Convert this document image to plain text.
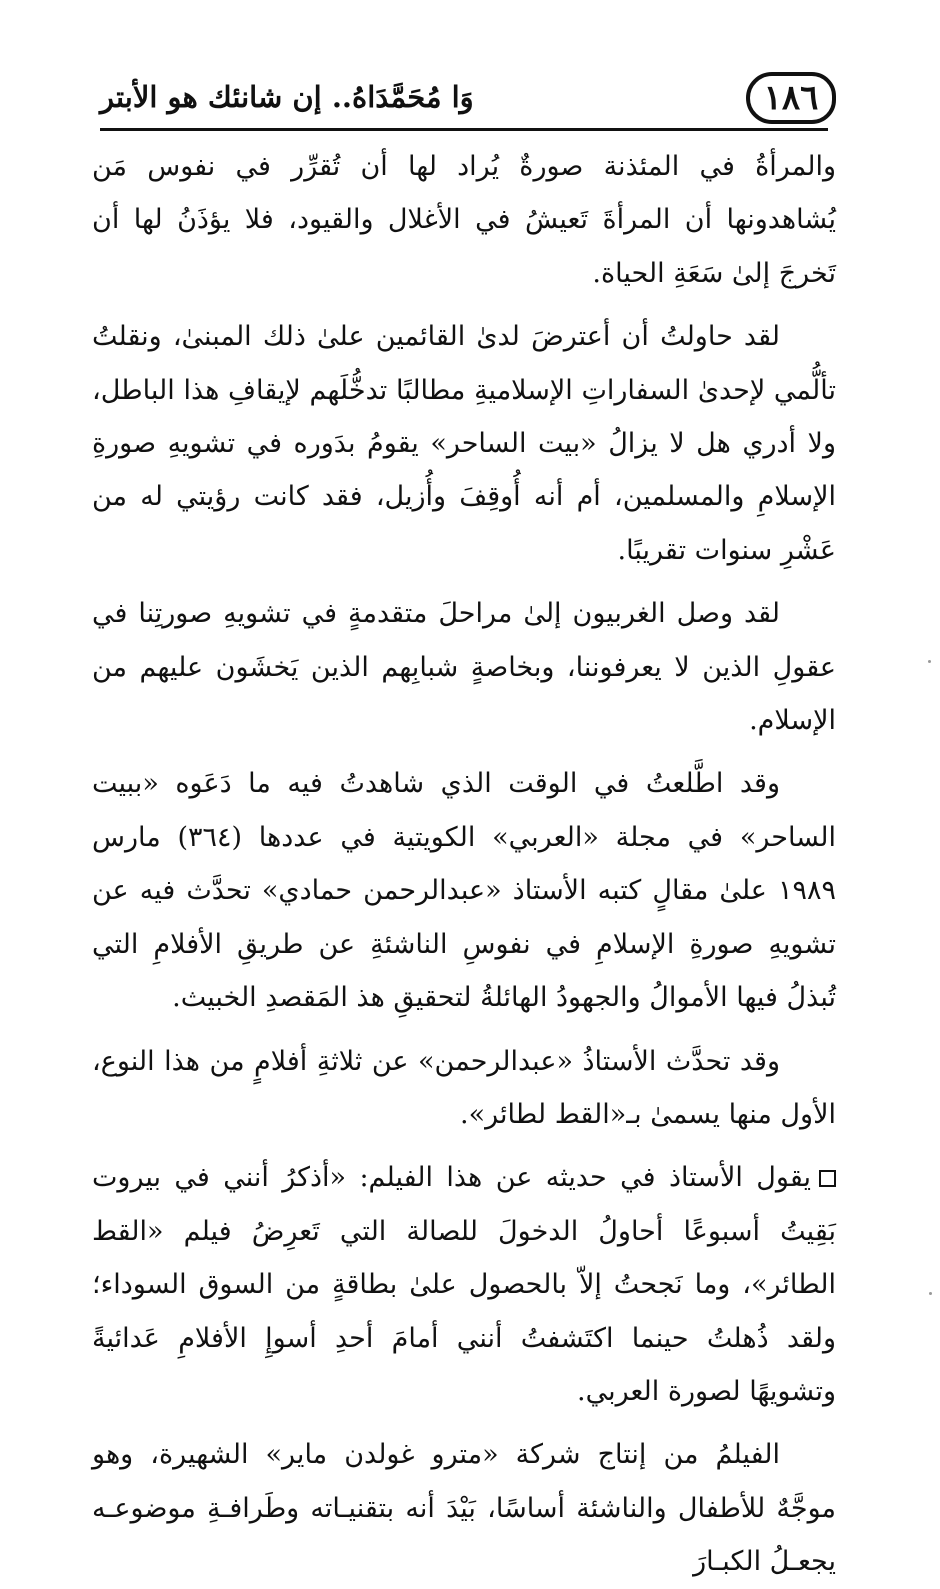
١٨٦
وَا مُحَمَّدَاهُ.. إن شانئك هو الأبتر

والمرأةُ في المئذنة صورةٌ يُراد لها أن تُقرِّر في نفوس مَن يُشاهدونها أن المرأةَ تَعيشُ في الأغلال والقيود، فلا يؤذَنُ لها أن تَخرجَ إلىٰ سَعَةِ الحياة.

لقد حاولتُ أن أعترضَ لدىٰ القائمين علىٰ ذلك المبنىٰ، ونقلتُ تألُّمي لإحدىٰ السفاراتِ الإسلاميةِ مطالبًا تدخُّلَهم لإيقافِ هذا الباطل، ولا أدري هل لا يزالُ «بيت الساحر» يقومُ بدَوره في تشويهِ صورةِ الإسلامِ والمسلمين، أم أنه أُوقِفَ وأُزيل، فقد كانت رؤيتي له من عَشْرِ سنوات تقريبًا.

لقد وصل الغربيون إلىٰ مراحلَ متقدمةٍ في تشويهِ صورتِنا في عقولِ الذين لا يعرفوننا، وبخاصةٍ شبابِهم الذين يَخشَون عليهم من الإسلام.

وقد اطَّلعتُ في الوقت الذي شاهدتُ فيه ما دَعَوه «ببيت الساحر» في مجلة «العربي» الكويتية في عددها (٣٦٤) مارس ١٩٨٩ علىٰ مقالٍ كتبه الأستاذ «عبدالرحمن حمادي» تحدَّث فيه عن تشويهِ صورةِ الإسلامِ في نفوسِ الناشئةِ عن طريقِ الأفلامِ التي تُبذلُ فيها الأموالُ والجهودُ الهائلةُ لتحقيقِ هذ المَقصدِ الخبيث.

وقد تحدَّث الأستاذُ «عبدالرحمن» عن ثلاثةِ أفلامٍ من هذا النوع، الأول منها يسمىٰ بـ«القط لطائر».

يقول الأستاذ في حديثه عن هذا الفيلم: «أذكرُ أنني في بيروت بَقِيتُ أسبوعًا أحاولُ الدخولَ للصالة التي تَعرِضُ فيلم «القط الطائر»، وما نَجحتُ إلاّ بالحصول علىٰ بطاقةٍ من السوق السوداء؛ ولقد ذُهلتُ حينما اكتَشفتُ أنني أمامَ أحدِ أسوإِ الأفلامِ عَدائيةً وتشويهًا لصورة العربي.

الفيلمُ من إنتاج شركة «مترو غولدن ماير» الشهيرة، وهو موجَّهٌ للأطفال والناشئة أساسًا، بَيْدَ أنه بتقنيـاته وطَرافـةِ موضوعـه يجعـلُ الكبـارَ
